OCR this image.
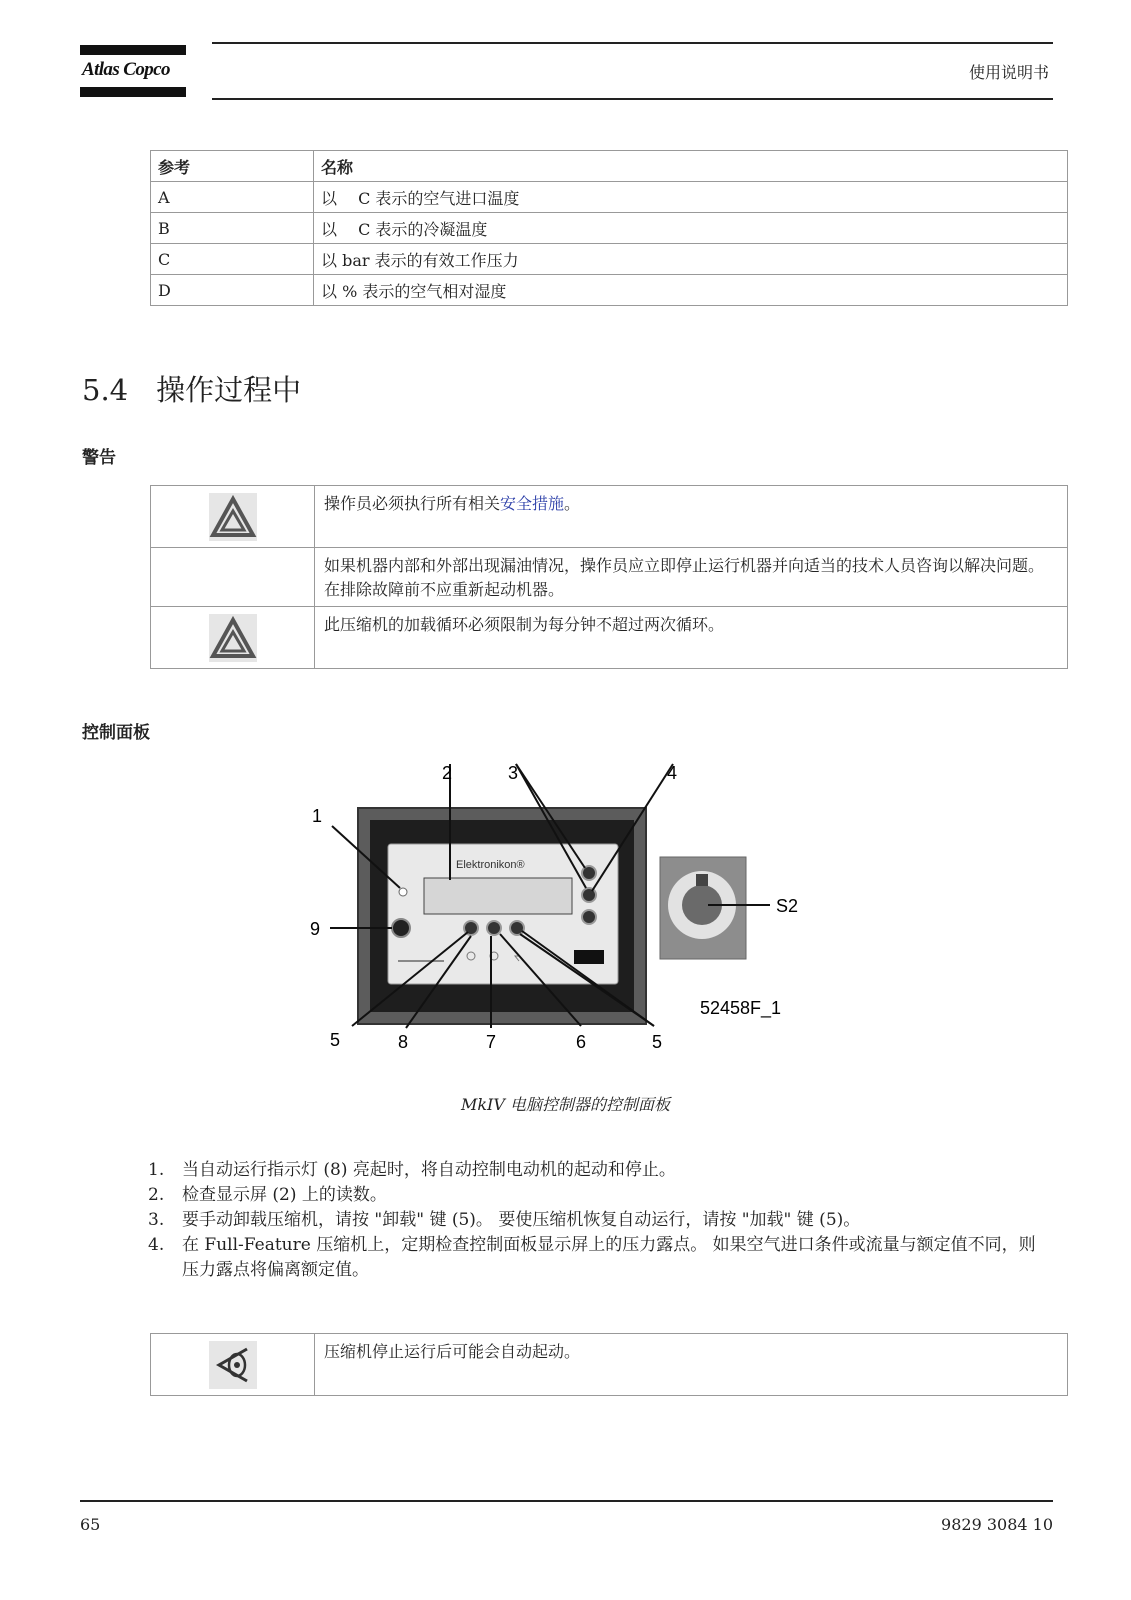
Atlas Copco	使用说明书
参考	名称
A	以 　C 表示的空气进口温度
B	以 　C 表示的冷凝温度
C	以 bar 表示的有效工作压力
D	以 % 表示的空气相对湿度
5.4 操作过程中
警告
	操作员必须执行所有相关安全措施。
	如果机器内部和外部出现漏油情况，操作员应立即停止运行机器并向适当的技术人员咨询以解决问题。 在排除故障前不应重新起动机器。
	此压缩机的加载循环必须限制为每分钟不超过两次循环。
控制面板
Elektronikon®
2	3	4
1
9
S2
5	8	7	6	5
52458F_1
MkIV 电脑控制器的控制面板
1. 当自动运行指示灯 (8) 亮起时，将自动控制电动机的起动和停止。
2. 检查显示屏 (2) 上的读数。
3. 要手动卸载压缩机，请按 "卸载" 键 (5)。 要使压缩机恢复自动运行，请按 "加载" 键 (5)。
4. 在 Full-Feature 压缩机上，定期检查控制面板显示屏上的压力露点。 如果空气进口条件或流量与额定值不同，则压力露点将偏离额定值。
	压缩机停止运行后可能会自动起动。
65	9829 3084 10
